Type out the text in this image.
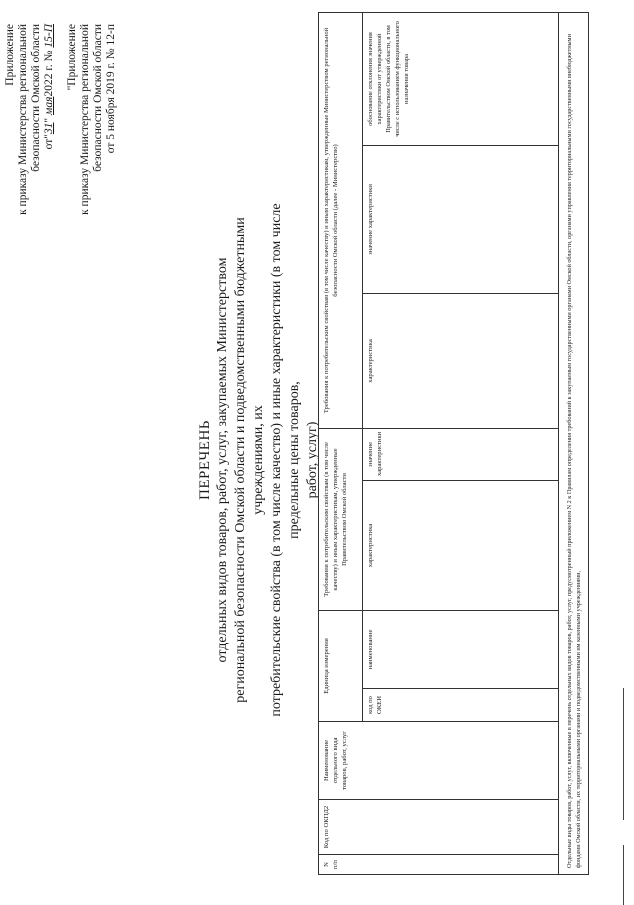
Приложение к приказу Министерства региональной безопасности Омской области от"31" мая2022 г. № 15-П "Приложение к приказу Министерства региональной безопасности Омской области от 5 ноября 2019 г. № 12-п
ПЕРЕЧЕНЬ отдельных видов товаров, работ, услуг, закупаемых Министерством региональной безопасности Омской области и подведомственными бюджетными учреждениями, их потребительские свойства (в том числе качество) и иные характеристики (в том числе предельные цены товаров, работ, услуг)
N п/п	Код по ОКПД2	Наименование отдельного вида товаров, работ, услуг	Единица измерения		Требования к потребительским свойствам (в том числе качеству) и иным характеристикам, утвержденные Правительством Омской области		Требования к потребительским свойствам (в том числе качеству) и иным характеристикам, утвержденные Министерством региональной безопасности Омской области (далее - Министерство)		
			код по ОКЕИ	наименование	характеристика	значение характеристики	характеристика	значение характеристики	обоснование отклонения значения характеристики от утвержденной Правительством Омской области, в том числе с использованием функционального назначения товара
Отдельные виды товаров, работ, услуг, включенные в перечень отдельных видов товаров, работ, услуг, предусмотренный приложением N 2 к Правилам определения требований к закупаемым государственными органами Омской области, органами управления территориальными государственными внебюджетными фондами Омской области, их территориальными органами и подведомственными им казенными учреждениями,									
